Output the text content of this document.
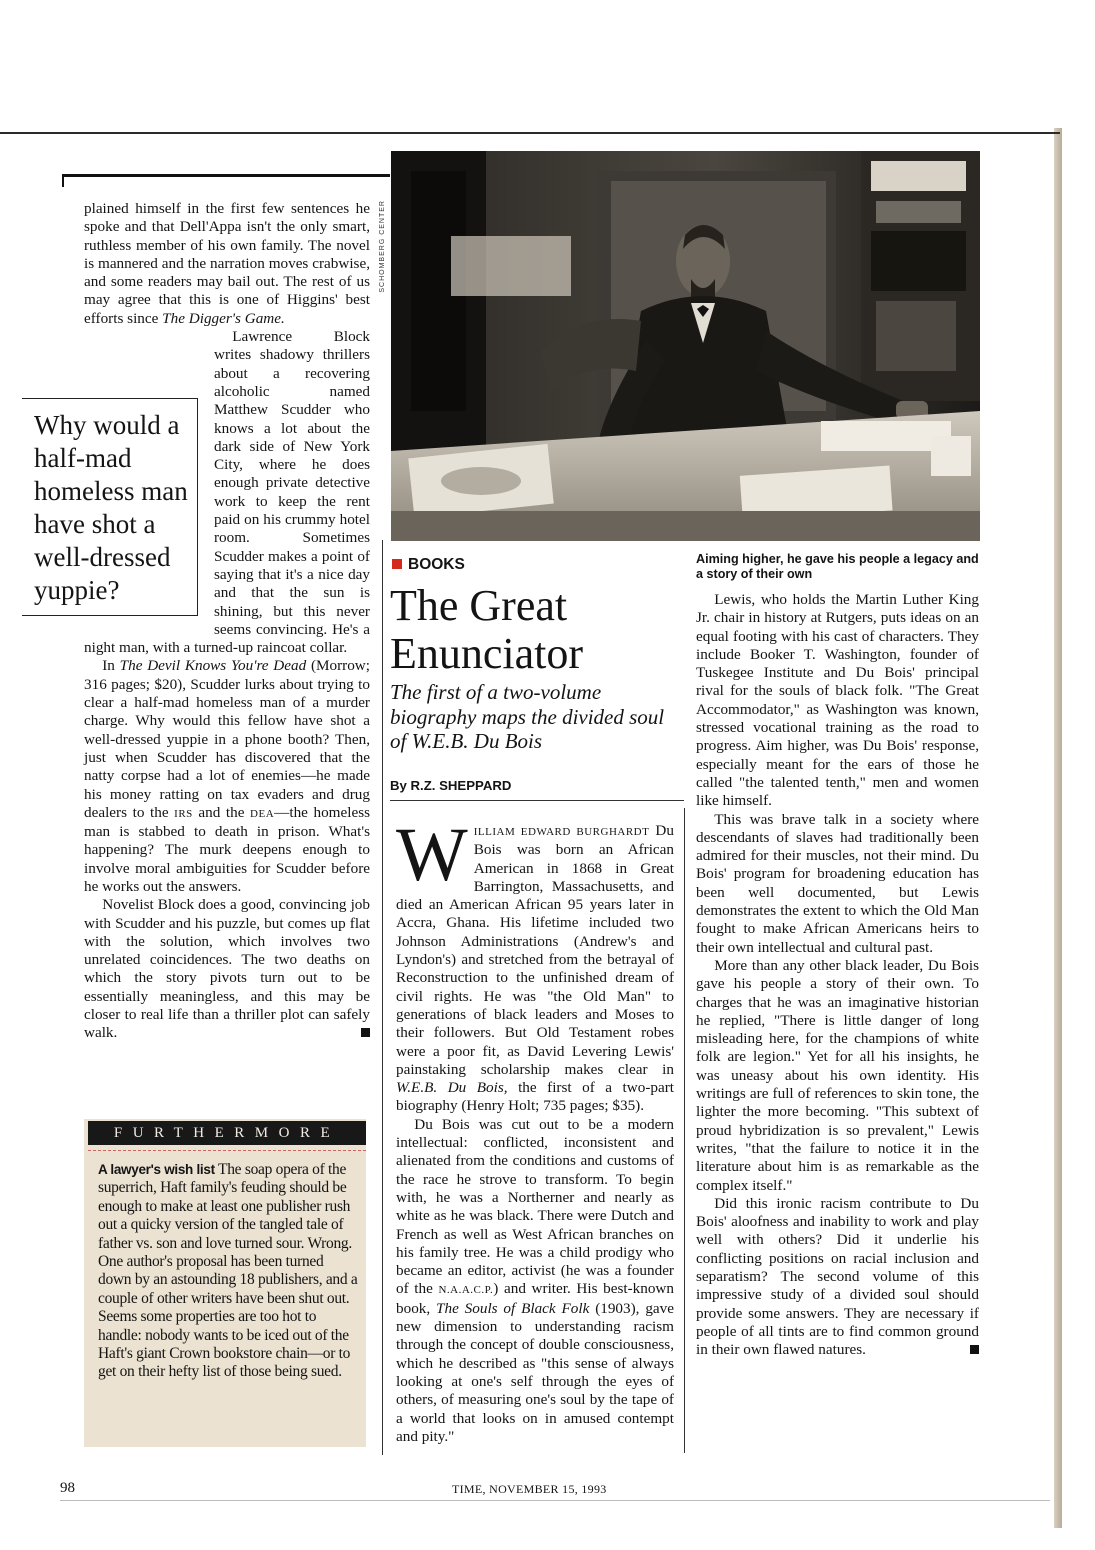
plained himself in the first few sentences he spoke and that Dell'Appa isn't the only smart, ruthless member of his own family. The novel is mannered and the narration moves crabwise, and some readers may bail out. The rest of us may agree that this is one of Higgins' best efforts since The Digger's Game.

Lawrence Block writes shadowy thrillers about a recovering alcoholic named Matthew Scudder who knows a lot about the dark side of New York City, where he does enough private detective work to keep the rent paid on his crummy hotel room. Sometimes Scudder makes a point of saying that it's a nice day and that the sun is shining, but this never seems convincing. He's a night man, with a turned-up raincoat collar.

In The Devil Knows You're Dead (Morrow; 316 pages; $20), Scudder lurks about trying to clear a half-mad homeless man of a murder charge. Why would this fellow have shot a well-dressed yuppie in a phone booth? Then, just when Scudder has discovered that the natty corpse had a lot of enemies—he made his money ratting on tax evaders and drug dealers to the IRS and the DEA—the homeless man is stabbed to death in prison. What's happening? The murk deepens enough to involve moral ambiguities for Scudder before he works out the answers.

Novelist Block does a good, convincing job with Scudder and his puzzle, but comes up flat with the solution, which involves two unrelated coincidences. The two deaths on which the story pivots turn out to be essentially meaningless, and this may be closer to real life than a thriller plot can safely walk.

Why would a half-mad homeless man have shot a well-dressed yuppie?
SCHOMBERG CENTER
Aiming higher, he gave his people a legacy and a story of their own
BOOKS
The Great Enunciator
The first of a two-volume biography maps the divided soul of W.E.B. Du Bois
By R.Z. SHEPPARD

WILLIAM EDWARD BURGHARDT Du Bois was born an African American in 1868 in Great Barrington, Massachusetts, and died an American African 95 years later in Accra, Ghana. His lifetime included two Johnson Administrations (Andrew's and Lyndon's) and stretched from the betrayal of Reconstruction to the unfinished dream of civil rights. He was "the Old Man" to generations of black leaders and Moses to their followers. But Old Testament robes were a poor fit, as David Levering Lewis' painstaking scholarship makes clear in W.E.B. Du Bois, the first of a two-part biography (Henry Holt; 735 pages; $35).

Du Bois was cut out to be a modern intellectual: conflicted, inconsistent and alienated from the conditions and customs of the race he strove to transform. To begin with, he was a Northerner and nearly as white as he was black. There were Dutch and French as well as West African branches on his family tree. He was a child prodigy who became an editor, activist (he was a founder of the N.A.A.C.P.) and writer. His best-known book, The Souls of Black Folk (1903), gave new dimension to understanding racism through the concept of double consciousness, which he described as "this sense of always looking at one's self through the eyes of others, of measuring one's soul by the tape of a world that looks on in amused contempt and pity."

Lewis, who holds the Martin Luther King Jr. chair in history at Rutgers, puts ideas on an equal footing with his cast of characters. They include Booker T. Washington, founder of Tuskegee Institute and Du Bois' principal rival for the souls of black folk. "The Great Accommodator," as Washington was known, stressed vocational training as the road to progress. Aim higher, was Du Bois' response, especially meant for the ears of those he called "the talented tenth," men and women like himself.

This was brave talk in a society where descendants of slaves had traditionally been admired for their muscles, not their mind. Du Bois' program for broadening education has been well documented, but Lewis demonstrates the extent to which the Old Man fought to make African Americans heirs to their own intellectual and cultural past.

More than any other black leader, Du Bois gave his people a story of their own. To charges that he was an imaginative historian he replied, "There is little danger of long misleading here, for the champions of white folk are legion." Yet for all his insights, he was uneasy about his own identity. His writings are full of references to skin tone, the lighter the more becoming. "This subtext of proud hybridization is so prevalent," Lewis writes, "that the failure to notice it in the literature about him is as remarkable as the complex itself."

Did this ironic racism contribute to Du Bois' aloofness and inability to work and play well with others? Did it underlie his conflicting positions on racial inclusion and separatism? The second volume of this impressive study of a divided soul should provide some answers. They are necessary if people of all tints are to find common ground in their own flawed natures.

FURTHERMORE
A lawyer's wish list The soap opera of the superrich, Haft family's feuding should be enough to make at least one publisher rush out a quicky version of the tangled tale of father vs. son and love turned sour. Wrong. One author's proposal has been turned down by an astounding 18 publishers, and a couple of other writers have been shut out. Seems some properties are too hot to handle: nobody wants to be iced out of the Haft's giant Crown bookstore chain—or to get on their hefty list of those being sued.
98	TIME, NOVEMBER 15, 1993
